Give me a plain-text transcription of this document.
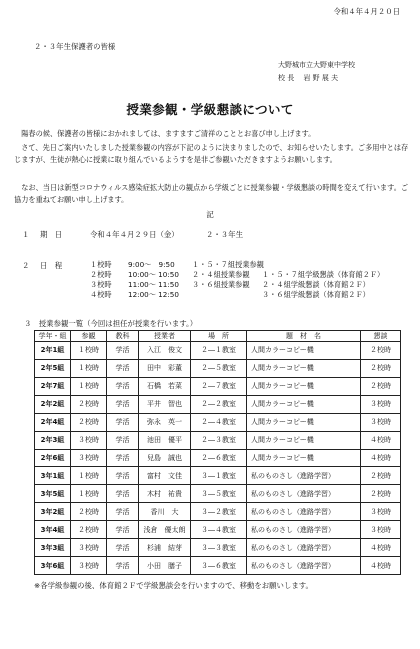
令和４年４月２０日
２・３年生保護者の皆様
大野城市立大野東中学校
校 長　 岩 野 展 夫
授業参観・学級懇談について
陽春の候、保護者の皆様におかれましては、ますますご清祥のこととお喜び申し上げます。
さて、先日ご案内いたしました授業参観の内容が下記のように決まりましたので、お知らせいたします。ご多用中とは存じますが、生徒が熱心に授業に取り組んでいるようすを是非ご参観いただきますようお願いします。
なお、当日は新型コロナウィルス感染症拡大防止の観点から学級ごとに授業参観・学級懇談の時間を変えて行います。ご協力を重ねてお願い申し上げます。
記
１ 期　日	令和４年４月２９日（金）	２・３年生
２ 日　程	１校時 9:00～　9:50 １・５・７組授業参観
２校時 10:00～ 10:50 ２・４組授業参観 １・５・７組学級懇談（体育館２Ｆ）
３校時 11:00～ 11:50 ３・６組授業参観 ２・４組学級懇談（体育館２Ｆ）
４校時 12:00～ 12:50	３・６組学級懇談（体育館２Ｆ）
３　授業参観一覧（今回は担任が授業を行います。）
学年・組	参観	教科	授業者	場　所	題　材　名	懇談
2年1組	１校時	学活	入江　俊文	２―１教室	人間カラーコピー機	２校時
2年5組	１校時	学活	田中　彩董	２―５教室	人間カラーコピー機	２校時
2年7組	１校時	学活	石橋　若菜	２―７教室	人間カラーコピー機	２校時
2年2組	２校時	学活	平井　智也	２―２教室	人間カラーコピー機	３校時
2年4組	２校時	学活	弥永　英一	２―４教室	人間カラーコピー機	３校時
2年3組	３校時	学活	池田　優平	２―３教室	人間カラーコピー機	４校時
2年6組	３校時	学活	兒島　誠也	２―６教室	人間カラーコピー機	４校時
3年1組	１校時	学活	富村　文佳	３―１教室	私のものさし（進路学習）	２校時
3年5組	１校時	学活	木村　祐貴	３―５教室	私のものさし（進路学習）	２校時
3年2組	２校時	学活	香川　大	３―２教室	私のものさし（進路学習）	３校時
3年4組	２校時	学活	浅倉　優太朗	３―４教室	私のものさし（進路学習）	３校時
3年3組	３校時	学活	杉浦　結芽	３―３教室	私のものさし（進路学習）	４校時
3年6組	３校時	学活	小田　膳子	３―６教室	私のものさし（進路学習）	４校時
※各学級参観の後、体育館２Ｆで学級懇談会を行いますので、移動をお願いします。
